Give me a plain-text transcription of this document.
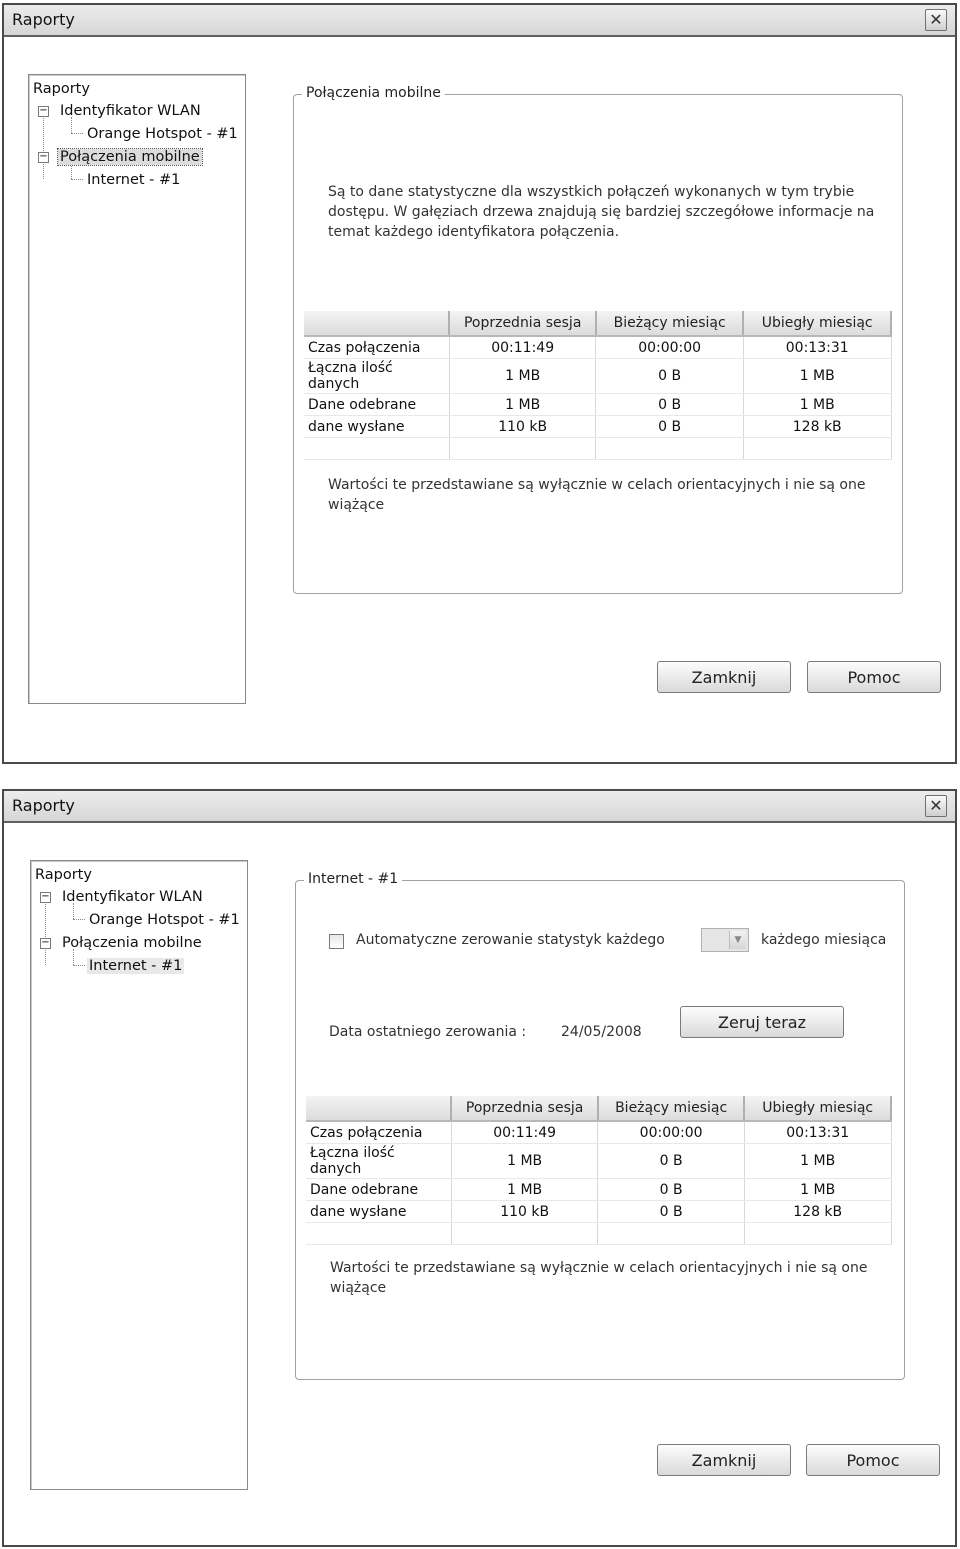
Raporty	✕
Raporty
− Identyfikator WLAN
Orange Hotspot - #1
− Połączenia mobilne
Internet - #1
Połączenia mobilne
Są to dane statystyczne dla wszystkich połączeń wykonanych w tym trybie dostępu. W gałęziach drzewa znajdują się bardziej szczegółowe informacje na temat każdego identyfikatora połączenia.
	Poprzednia sesja	Bieżący miesiąc	Ubiegły miesiąc
Czas połączenia	00:11:49	00:00:00	00:13:31
Łączna ilość danych	1 MB	0 B	1 MB
Dane odebrane	1 MB	0 B	1 MB
dane wysłane	110 kB	0 B	128 kB

Wartości te przedstawiane są wyłącznie w celach orientacyjnych i nie są one wiążące
Zamknij	Pomoc
Raporty	✕
Raporty
− Identyfikator WLAN
Orange Hotspot - #1
− Połączenia mobilne
Internet - #1
Internet - #1
Automatyczne zerowanie statystyk każdego	▼	każdego miesiąca
Data ostatniego zerowania : 24/05/2008	Zeruj teraz
	Poprzednia sesja	Bieżący miesiąc	Ubiegły miesiąc
Czas połączenia	00:11:49	00:00:00	00:13:31
Łączna ilość danych	1 MB	0 B	1 MB
Dane odebrane	1 MB	0 B	1 MB
dane wysłane	110 kB	0 B	128 kB

Wartości te przedstawiane są wyłącznie w celach orientacyjnych i nie są one wiążące
Zamknij	Pomoc
